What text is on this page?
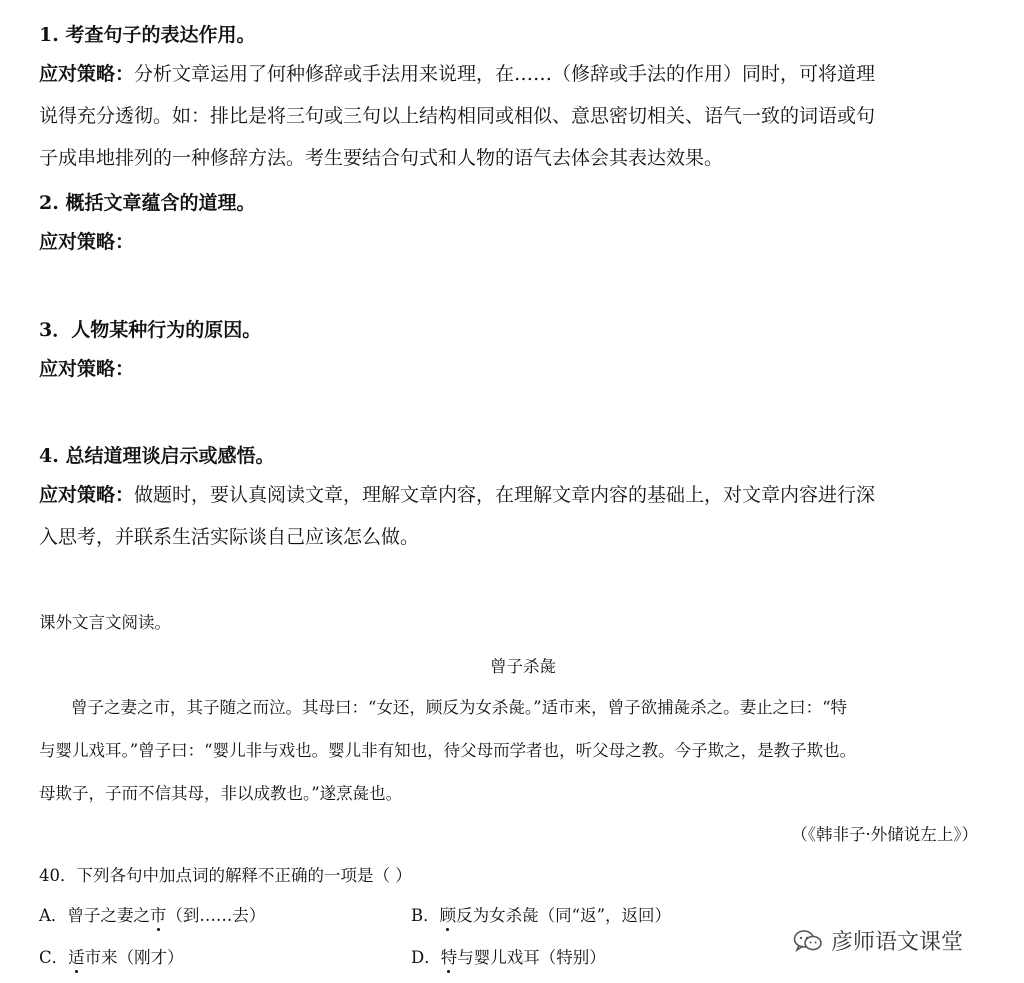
1. 考查句子的表达作用。
应对策略：分析文章运用了何种修辞或手法用来说理，在……（修辞或手法的作用）同时，可将道理
说得充分透彻。如：排比是将三句或三句以上结构相同或相似、意思密切相关、语气一致的词语或句
子成串地排列的一种修辞方法。考生要结合句式和人物的语气去体会其表达效果。
2. 概括文章蕴含的道理。
应对策略：
3．人物某种行为的原因。
应对策略：
4. 总结道理谈启示或感悟。
应对策略：做题时，要认真阅读文章，理解文章内容，在理解文章内容的基础上，对文章内容进行深
入思考，并联系生活实际谈自己应该怎么做。
课外文言文阅读。
曾子杀彘
曾子之妻之市，其子随之而泣。其母曰：“女还，顾反为女杀彘。”适市来，曾子欲捕彘杀之。妻止之曰：“特
与婴儿戏耳。”曾子曰：“婴儿非与戏也。婴儿非有知也，待父母而学者也，听父母之教。今子欺之，是教子欺也。
母欺子，子而不信其母，非以成教也。”遂烹彘也。
（《韩非子·外储说左上》）
40．下列各句中加点词的解释不正确的一项是（ ）
A．曾子之妻之市（到……去）	B．顾反为女杀彘（同“返”，返回）
C．适市来（刚才）	D．特与婴儿戏耳（特别）
彦师语文课堂
